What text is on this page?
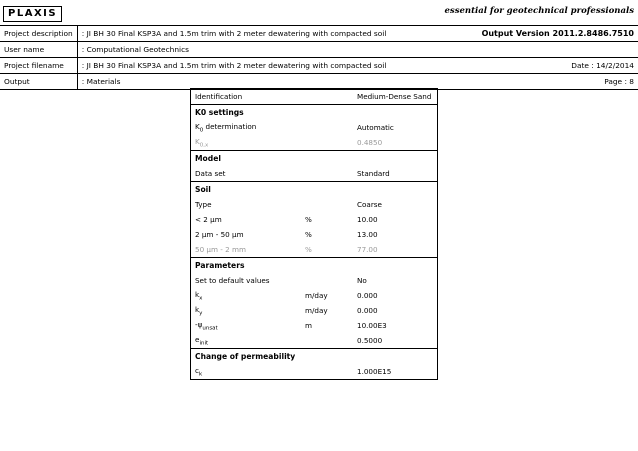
PLAXIS	essential for geotechnical professionals
Project description	: JI BH 30 Final KSP3A and 1.5m trim with 2 meter dewatering with compacted soil	Output Version 2011.2.8486.7510
User name	: Computational Geotechnics	
Project filename	: JI BH 30 Final KSP3A and 1.5m trim with 2 meter dewatering with compacted soil	Date : 14/2/2014
Output	: Materials	Page : 8
Identification		Medium-Dense Sand
K0 settings		
$K_0$ determination		Automatic
$K_{0,x}$		0.4850
Model		
Data set		Standard
Soil		
Type		Coarse
< 2 μm	%	10.00
2 μm - 50 μm	%	13.00
50 μm - 2 mm	%	77.00
Parameters		
Set to default values		No
$k_x$	m/day	0.000
$k_y$	m/day	0.000
$-\psi_{unsat}$	m	10.00E3
$e_{init}$		0.5000
Change of permeability		
$c_k$		1.000E15
